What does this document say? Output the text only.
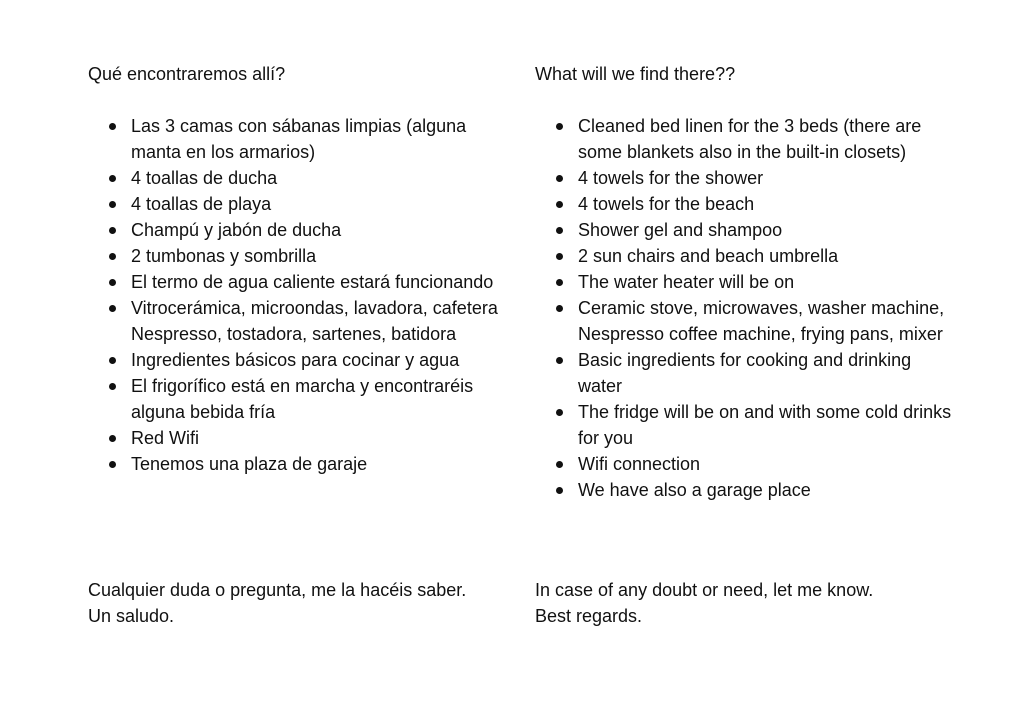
Qué encontraremos allí?

Las 3 camas con sábanas limpias (alguna manta en los armarios)
4 toallas de ducha
4 toallas de playa
Champú y jabón de ducha
2 tumbonas y sombrilla
El termo de agua caliente estará funcionando
Vitrocerámica, microondas, lavadora, cafetera Nespresso, tostadora, sartenes, batidora
Ingredientes básicos para cocinar y agua
El frigorífico está en marcha y encontraréis alguna bebida fría
Red Wifi
Tenemos una plaza de garaje

Cualquier duda o pregunta, me la hacéis saber.

Un saludo.

What will we find there??

Cleaned bed linen for the 3 beds (there are some blankets also in the built-in closets)
4 towels for the shower
4 towels for the beach
Shower gel and shampoo
2 sun chairs and beach umbrella
The water heater will be on
Ceramic stove, microwaves, washer machine, Nespresso coffee machine, frying pans, mixer
Basic ingredients for cooking and drinking water
The fridge will be on and with some cold drinks for you
Wifi connection
We have also a garage place

In case of any doubt or need, let me know.

Best regards.
